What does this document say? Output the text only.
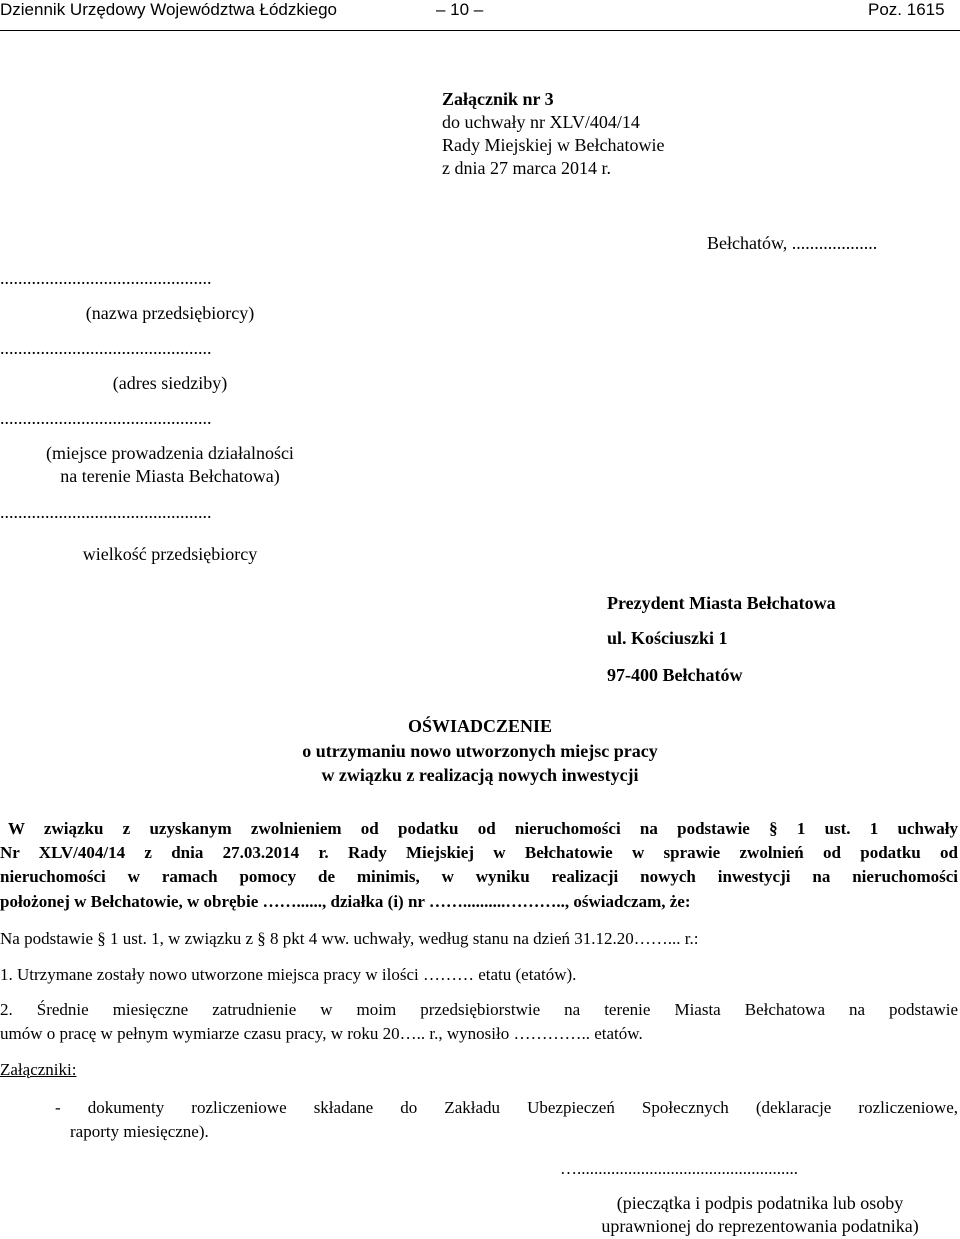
Dziennik Urzędowy Województwa Łódzkiego	– 10 –	Poz. 1615
Załącznik nr 3
do uchwały nr XLV/404/14
Rady Miejskiej w Bełchatowie
z dnia 27 marca 2014 r.
Bełchatów, ...................
...............................................
(nazwa przedsiębiorcy)
...............................................
(adres siedziby)
...............................................
(miejsce prowadzenia działalności
na terenie Miasta Bełchatowa)
...............................................
wielkość przedsiębiorcy
Prezydent Miasta Bełchatowa
ul. Kościuszki 1
97-400 Bełchatów
OŚWIADCZENIE
o utrzymaniu nowo utworzonych miejsc pracy
w związku z realizacją nowych inwestycji
W związku z uzyskanym zwolnieniem od podatku od nieruchomości na podstawie § 1 ust. 1 uchwały
Nr XLV/404/14 z dnia 27.03.2014 r. Rady Miejskiej w Bełchatowie w sprawie zwolnień od podatku od
nieruchomości w ramach pomocy de minimis, w wyniku realizacji nowych inwestycji na nieruchomości
położonej w Bełchatowie, w obrębie ……......, działka (i) nr ……..........……….., oświadczam, że:
Na podstawie § 1 ust. 1, w związku z § 8 pkt 4 ww. uchwały, według stanu na dzień 31.12.20……... r.:
1. Utrzymane zostały nowo utworzone miejsca pracy w ilości ……… etatu (etatów).
2. Średnie miesięczne zatrudnienie w moim przedsiębiorstwie na terenie Miasta Bełchatowa na podstawie
umów o pracę w pełnym wymiarze czasu pracy, w roku 20….. r., wynosiło ………….. etatów.
Załączniki:
- dokumenty rozliczeniowe składane do Zakładu Ubezpieczeń Społecznych (deklaracje rozliczeniowe,
raporty miesięczne).
…....................................................
(pieczątka i podpis podatnika lub osoby
uprawnionej do reprezentowania podatnika)
